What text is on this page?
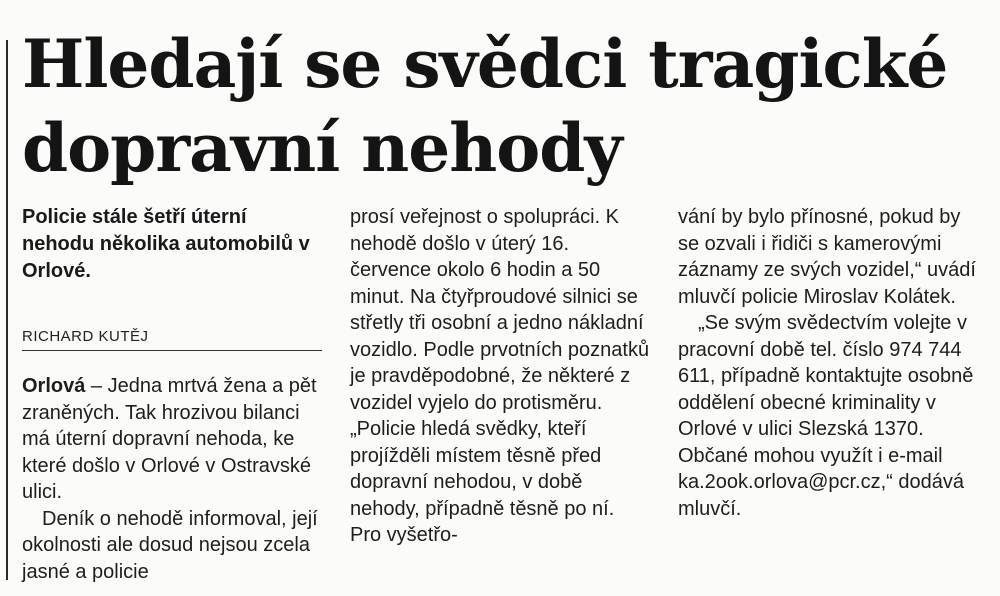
Hledají se svědci tragické
dopravní nehody

Policie stále šetří úterní nehodu několika automobilů v Orlové.

RICHARD KUTĚJ

Orlová – Jedna mrtvá žena a pět zraněných. Tak hrozivou bilanci má úterní dopravní nehoda, ke které došlo v Orlové v Ostravské ulici.

Deník o nehodě informoval, její okolnosti ale dosud nejsou zcela jasné a policie

prosí veřejnost o spolupráci. K nehodě došlo v úterý 16. července okolo 6 hodin a 50 minut. Na čtyřproudové silnici se střetly tři osobní a jedno nákladní vozidlo. Podle prvotních poznatků je pravděpodobné, že některé z vozidel vyjelo do protisměru. „Policie hledá svědky, kteří projížděli místem těsně před dopravní nehodou, v době nehody, případně těsně po ní. Pro vyšetřo-

vání by bylo přínosné, pokud by se ozvali i řidiči s kamerovými záznamy ze svých vozidel,“ uvádí mluvčí policie Miroslav Kolátek.

„Se svým svědectvím volejte v pracovní době tel. číslo 974 744 611, případně kontaktujte osobně oddělení obecné kriminality v Orlové v ulici Slezská 1370. Občané mohou využít i e-mail ka.2ook.orlova@pcr.cz,“ dodává mluvčí.
